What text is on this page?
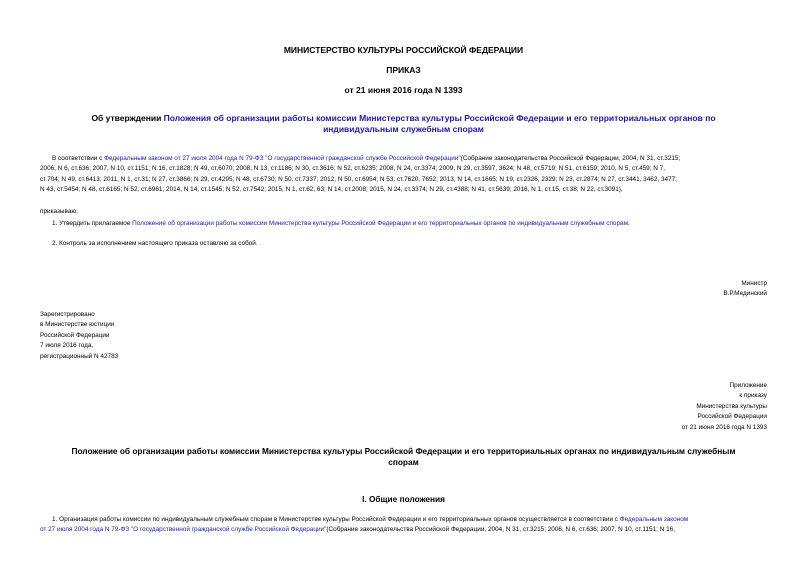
МИНИСТЕРСТВО КУЛЬТУРЫ РОССИЙСКОЙ ФЕДЕРАЦИИ
ПРИКАЗ
от 21 июня 2016 года N 1393
Об утверждении Положения об организации работы комиссии Министерства культуры Российской Федерации и его территориальных органов по
индивидуальным служебным спорам
В соответствии с Федеральным законом от 27 июля 2004 года N 79-ФЗ "О государственной гражданской службе Российской Федерации"(Собрание законодательства Российской Федерации, 2004, N 31, ст.3215;
2006, N 6, ст.636; 2007, N 10, ст.1151; N 16, ст.1828; N 49, ст.6070; 2008, N 13, ст.1186; N 30, ст.3616; N 52, ст.6235; 2008, N 24, ст.3374; 2009, N 29, ст.3597, 3624; N 48, ст.5719; N 51, ст.6159; 2010, N 5, ст.459; N 7,
ст.704; N 49, ст.6413; 2011, N 1, ст.31; N 27, ст.3866; N 29, ст.4295; N 48, ст.6730; N 50, ст.7337; 2012, N 50, ст.6954; N 53, ст.7620, 7652; 2013, N 14, ст.1665; N 19, ст.2326, 2329; N 23, ст.2874; N 27, ст.3441, 3462, 3477;
N 43, ст.5454; N 48, ст.6165; N 52, ст.6961; 2014, N 14, ст.1545; N 52, ст.7542; 2015, N 1, ст.62, 63; N 14, ст.2008; 2015, N 24, ст.3374; N 29, ст.4388; N 41, ст.5639; 2016, N 1, ст.15, ст.38; N 22, ст.3091),
приказываю:
1. Утвердить прилагаемое Положение об организации работы комиссии Министерства культуры Российской Федерации и его территориальных органов по индивидуальным служебным спорам.
2. Контроль за исполнением настоящего приказа оставляю за собой.
Министр
В.Р.Мединский
Зарегистрировано
в Министерстве юстиции
Российской Федерации
7 июля 2016 года,
регистрационный N 42783
Приложение
к приказу
Министерства культуры
Российской Федерации
от 21 июня 2016 года N 1393
Положение об организации работы комиссии Министерства культуры Российской Федерации и его территориальных органах по индивидуальным служебным
спорам
I. Общие положения
1. Организация работы комиссии по индивидуальным служебным спорам в Министерстве культуры Российской Федерации и его территориальных органов осуществляется в соответствии с Федеральным законом
от 27 июля 2004 года N 79-ФЗ "О государственной гражданской службе Российской Федерации"(Собрание законодательства Российской Федерации, 2004, N 31, ст.3215; 2006, N 6, ст.636; 2007, N 10, ст.1151; N 16,
